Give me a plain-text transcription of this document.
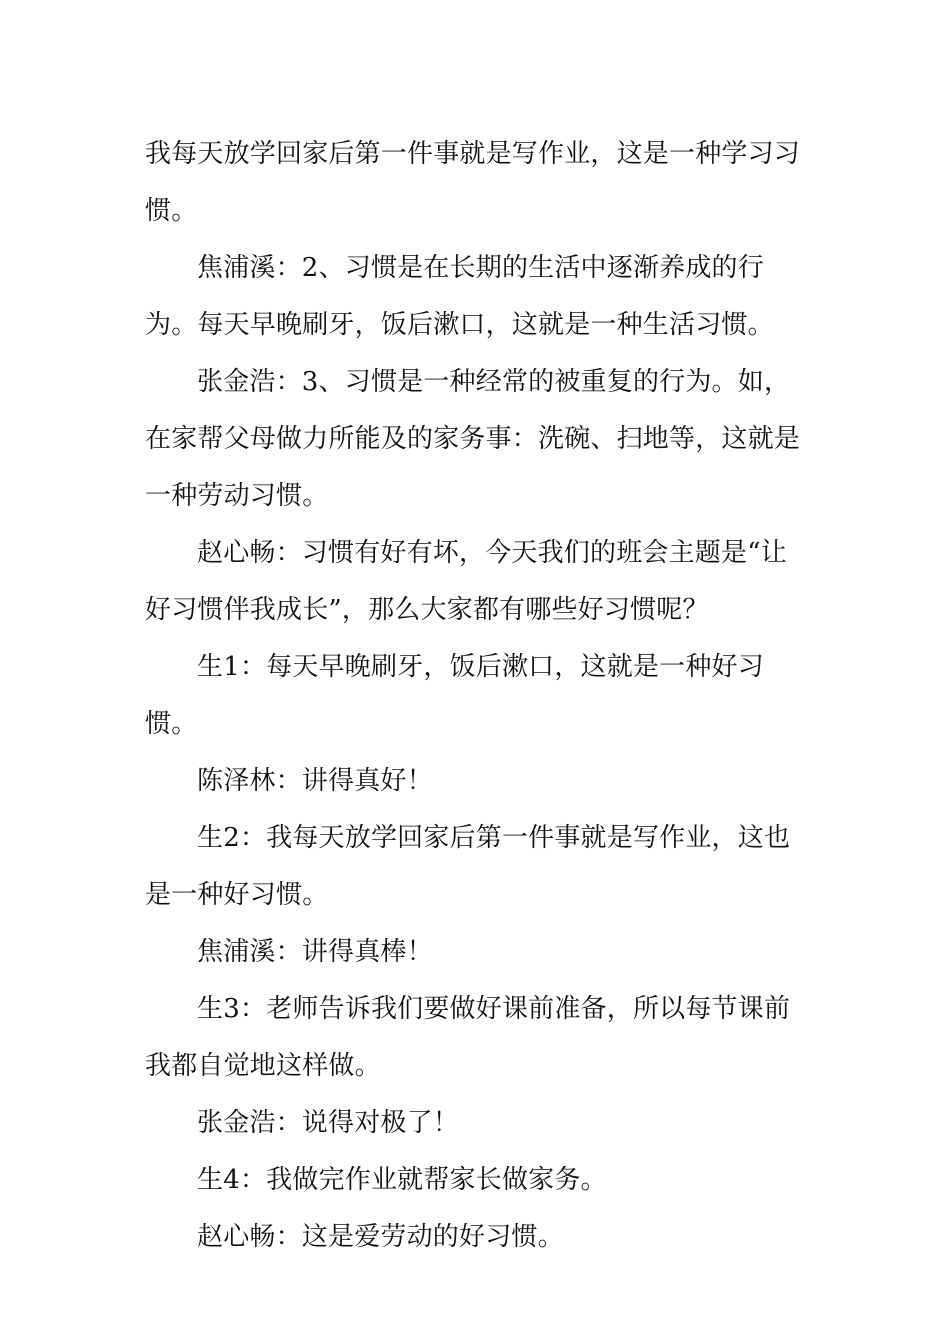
我每天放学回家后第一件事就是写作业，这是一种学习习惯。

焦浦溪：2、习惯是在长期的生活中逐渐养成的行为。每天早晚刷牙，饭后漱口，这就是一种生活习惯。

张金浩：3、习惯是一种经常的被重复的行为。如，在家帮父母做力所能及的家务事：洗碗、扫地等，这就是一种劳动习惯。

赵心畅：习惯有好有坏，今天我们的班会主题是“让好习惯伴我成长”，那么大家都有哪些好习惯呢？

生1：每天早晚刷牙，饭后漱口，这就是一种好习惯。

陈泽林：讲得真好！

生2：我每天放学回家后第一件事就是写作业，这也是一种好习惯。

焦浦溪：讲得真棒！

生3：老师告诉我们要做好课前准备，所以每节课前我都自觉地这样做。

张金浩：说得对极了！

生4：我做完作业就帮家长做家务。

赵心畅：这是爱劳动的好习惯。
